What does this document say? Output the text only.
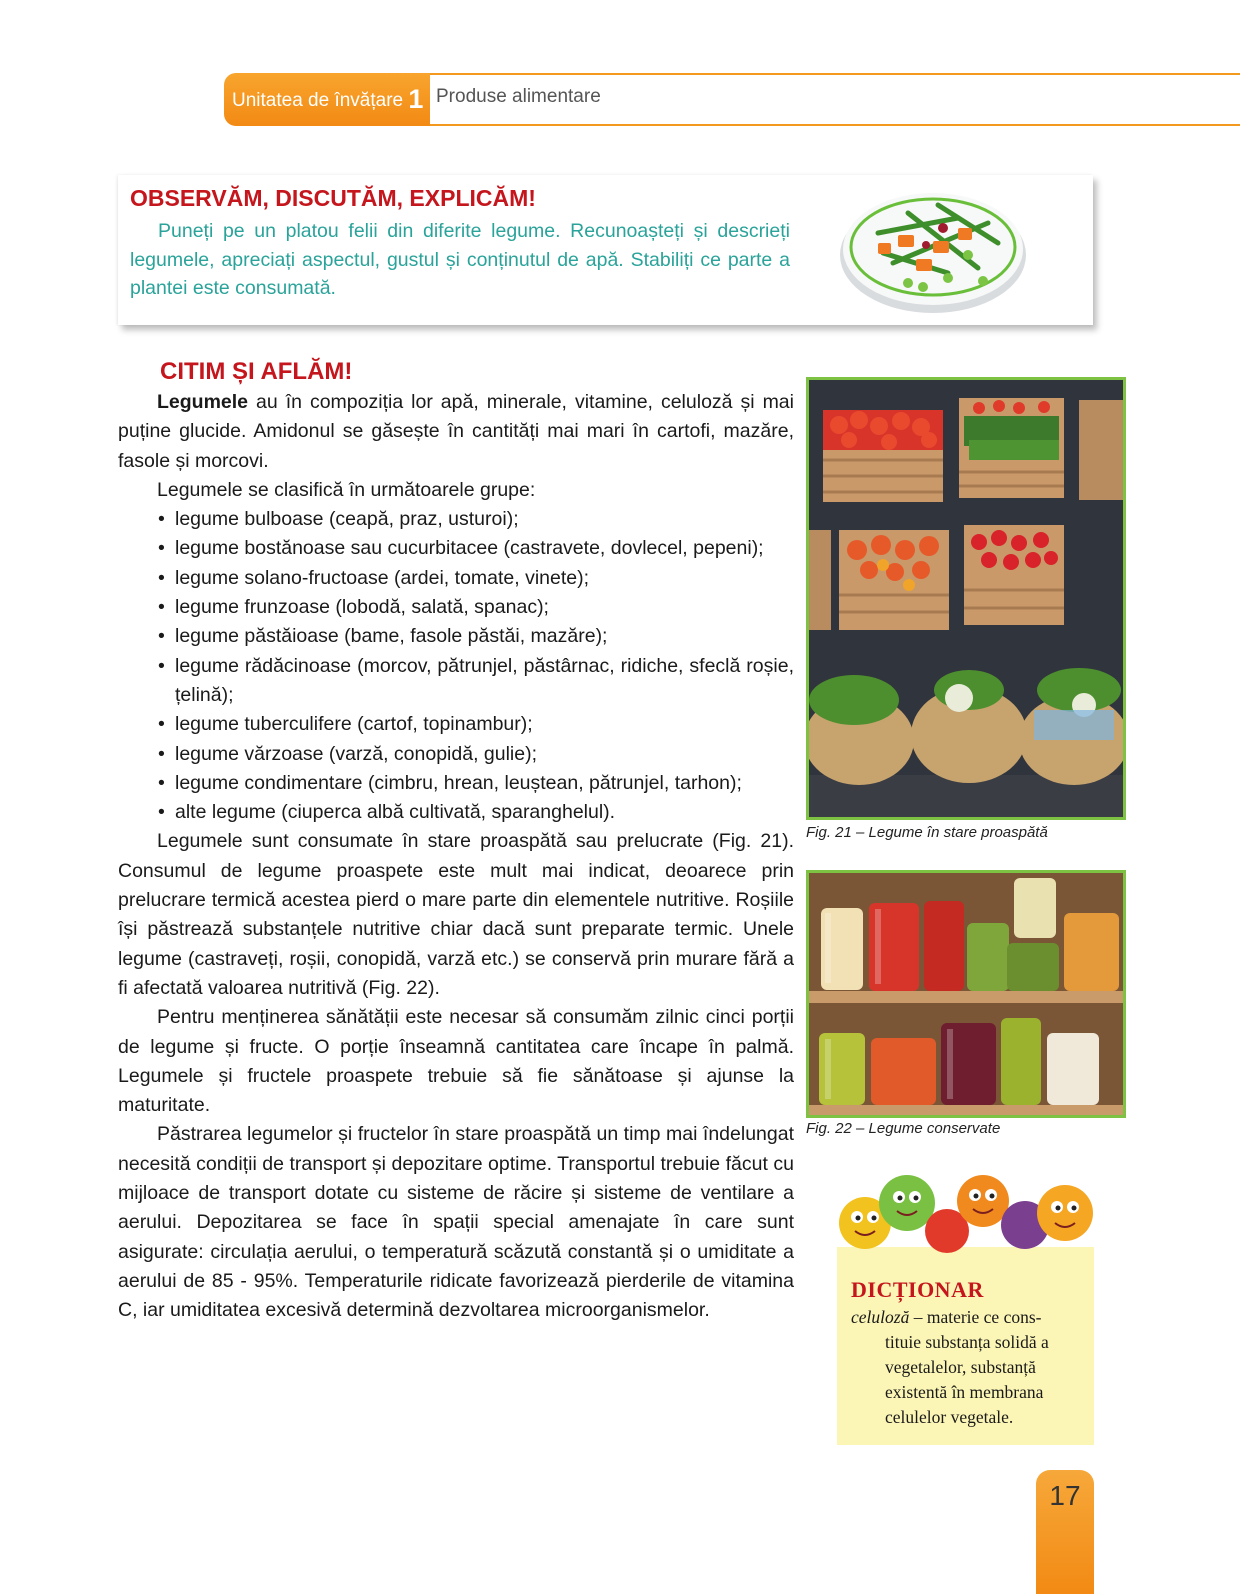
Unitatea de învățare 1 Produse alimentare
OBSERVĂM, DISCUTĂM, EXPLICĂM!
Puneți pe un platou felii din diferite legume. Recunoașteți și descrieți legumele, apreciați aspectul, gustul și conținutul de apă. Stabiliți ce parte a plantei este consumată.
CITIM ȘI AFLĂM!

Legumele au în compoziția lor apă, minerale, vitamine, celuloză și mai puține glucide. Amidonul se găsește în cantități mai mari în cartofi, mazăre, fasole și morcovi.

Legumele se clasifică în următoarele grupe:

• legume bulboase (ceapă, praz, usturoi);
• legume bostănoase sau cucurbitacee (castravete, dovlecel, pepeni);
• legume solano-fructoase (ardei, tomate, vinete);
• legume frunzoase (lobodă, salată, spanac);
• legume păstăioase (bame, fasole păstăi, mazăre);
• legume rădăcinoase (morcov, pătrunjel, păstârnac, ridiche, sfeclă roșie, țelină);
• legume tuberculifere (cartof, topinambur);
• legume vărzoase (varză, conopidă, gulie);
• legume condimentare (cimbru, hrean, leuștean, pătrunjel, tarhon);
• alte legume (ciuperca albă cultivată, sparanghelul).

Legumele sunt consumate în stare proaspătă sau prelucrate (Fig. 21). Consumul de legume proaspete este mult mai indicat, deoarece prin prelucrare termică acestea pierd o mare parte din elementele nutritive. Roșiile își păstrează substanțele nutritive chiar dacă sunt preparate termic. Unele legume (castraveți, roșii, conopidă, varză etc.) se conservă prin murare fără a fi afectată valoarea nutritivă (Fig. 22).

Pentru menținerea sănătății este necesar să consumăm zilnic cinci porții de legume și fructe. O porție înseamnă cantitatea care încape în palmă. Legumele și fructele proaspete trebuie să fie sănătoase și ajunse la maturitate.

Păstrarea legumelor și fructelor în stare proaspătă un timp mai îndelungat necesită condiții de transport și depozitare optime. Transportul trebuie făcut cu mijloace de transport dotate cu sisteme de răcire și sisteme de ventilare a aerului. Depozitarea se face în spații special amenajate în care sunt asigurate: circulația aerului, o temperatură scăzută constantă și o umiditate a aerului de 85 - 95%. Temperaturile ridicate favorizează pierderile de vitamina C, iar umiditatea excesivă determină dezvoltarea microorganismelor.

Fig. 21 – Legume în stare proaspătă
Fig. 22 – Legume conservate
DICȚIONAR
celuloză – materie ce cons-
tituie substanța solidă a vegetalelor, substanță existentă în membrana celulelor vegetale.
17
